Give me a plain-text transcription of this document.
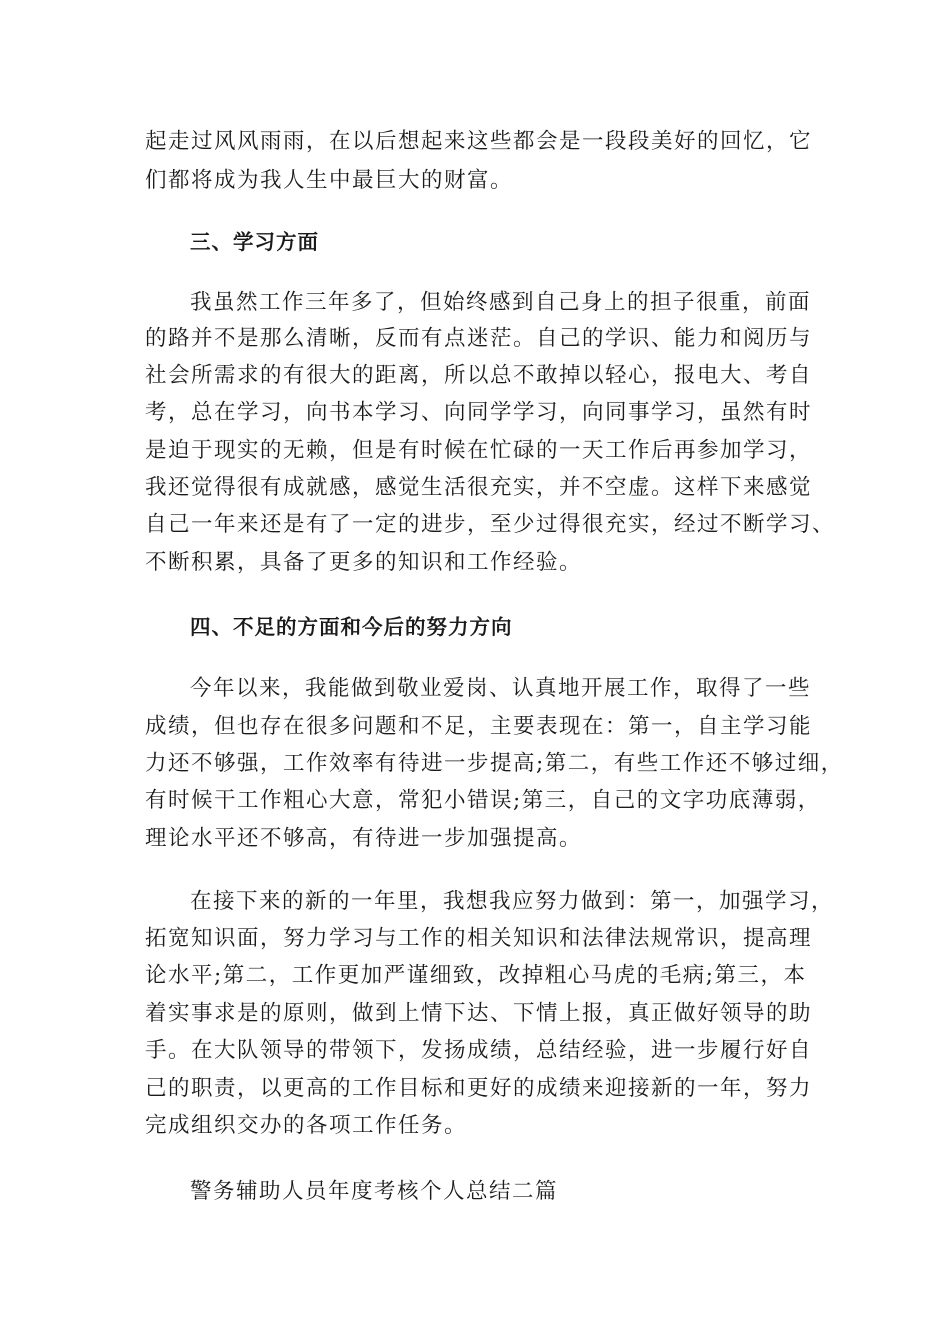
起走过风风雨雨，在以后想起来这些都会是一段段美好的回忆，它
们都将成为我人生中最巨大的财富。
三、学习方面
我虽然工作三年多了，但始终感到自己身上的担子很重，前面
的路并不是那么清晰，反而有点迷茫。自己的学识、能力和阅历与
社会所需求的有很大的距离，所以总不敢掉以轻心，报电大、考自
考，总在学习，向书本学习、向同学学习，向同事学习，虽然有时
是迫于现实的无赖，但是有时候在忙碌的一天工作后再参加学习，
我还觉得很有成就感，感觉生活很充实，并不空虚。这样下来感觉
自己一年来还是有了一定的进步，至少过得很充实，经过不断学习、
不断积累，具备了更多的知识和工作经验。
四、不足的方面和今后的努力方向
今年以来，我能做到敬业爱岗、认真地开展工作，取得了一些
成绩，但也存在很多问题和不足，主要表现在：第一，自主学习能
力还不够强，工作效率有待进一步提高;第二，有些工作还不够过细，
有时候干工作粗心大意，常犯小错误;第三，自己的文字功底薄弱，
理论水平还不够高，有待进一步加强提高。
在接下来的新的一年里，我想我应努力做到：第一，加强学习，
拓宽知识面，努力学习与工作的相关知识和法律法规常识，提高理
论水平;第二，工作更加严谨细致，改掉粗心马虎的毛病;第三，本
着实事求是的原则，做到上情下达、下情上报，真正做好领导的助
手。在大队领导的带领下，发扬成绩，总结经验，进一步履行好自
己的职责，以更高的工作目标和更好的成绩来迎接新的一年，努力
完成组织交办的各项工作任务。
警务辅助人员年度考核个人总结二篇
